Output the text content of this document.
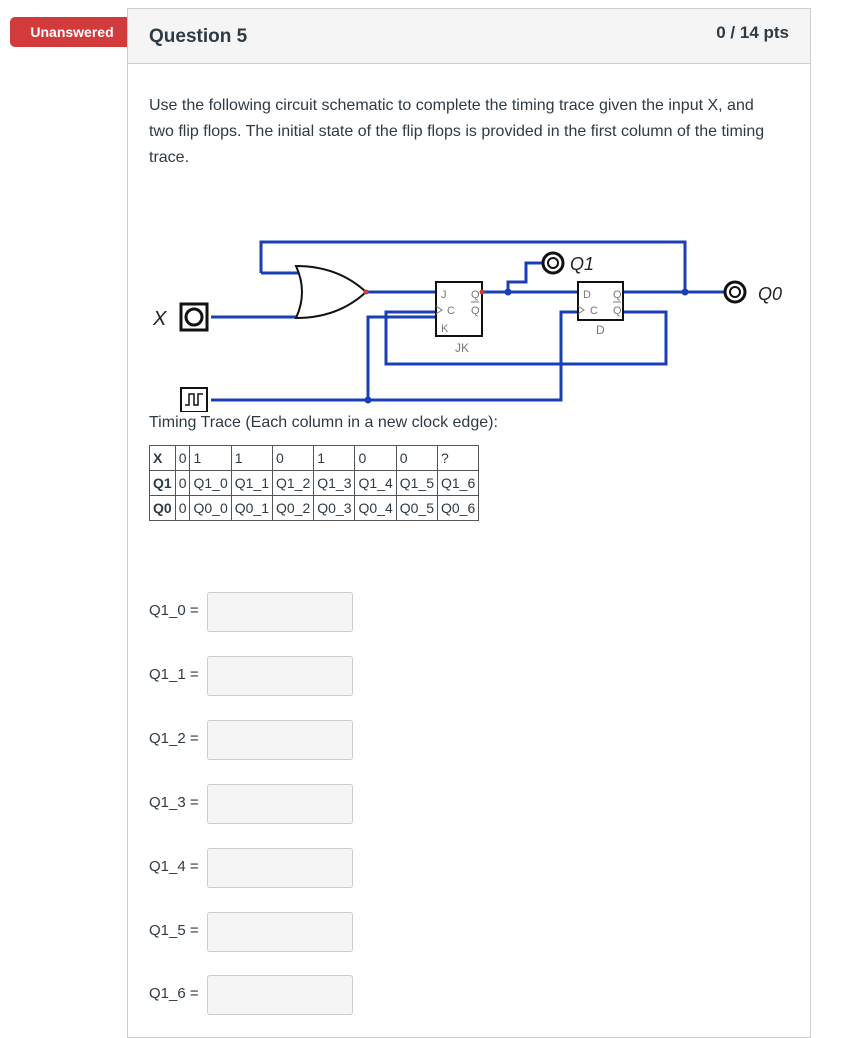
Unanswered	Question 5	0 / 14 pts

Use the following circuit schematic to complete the timing trace given the input X, and two flip flops. The initial state of the flip flops is provided in the first column of the timing trace.

J
C
K
Q
Q
JK
D
C
Q
Q
D
X
Q1
Q0

Timing Trace (Each column in a new clock edge):

X	0	1	1	0	1	0	0	?
Q1	0	Q1_0	Q1_1	Q1_2	Q1_3	Q1_4	Q1_5	Q1_6
Q0	0	Q0_0	Q0_1	Q0_2	Q0_3	Q0_4	Q0_5	Q0_6
Q1_0 =
Q1_1 =
Q1_2 =
Q1_3 =
Q1_4 =
Q1_5 =
Q1_6 =
